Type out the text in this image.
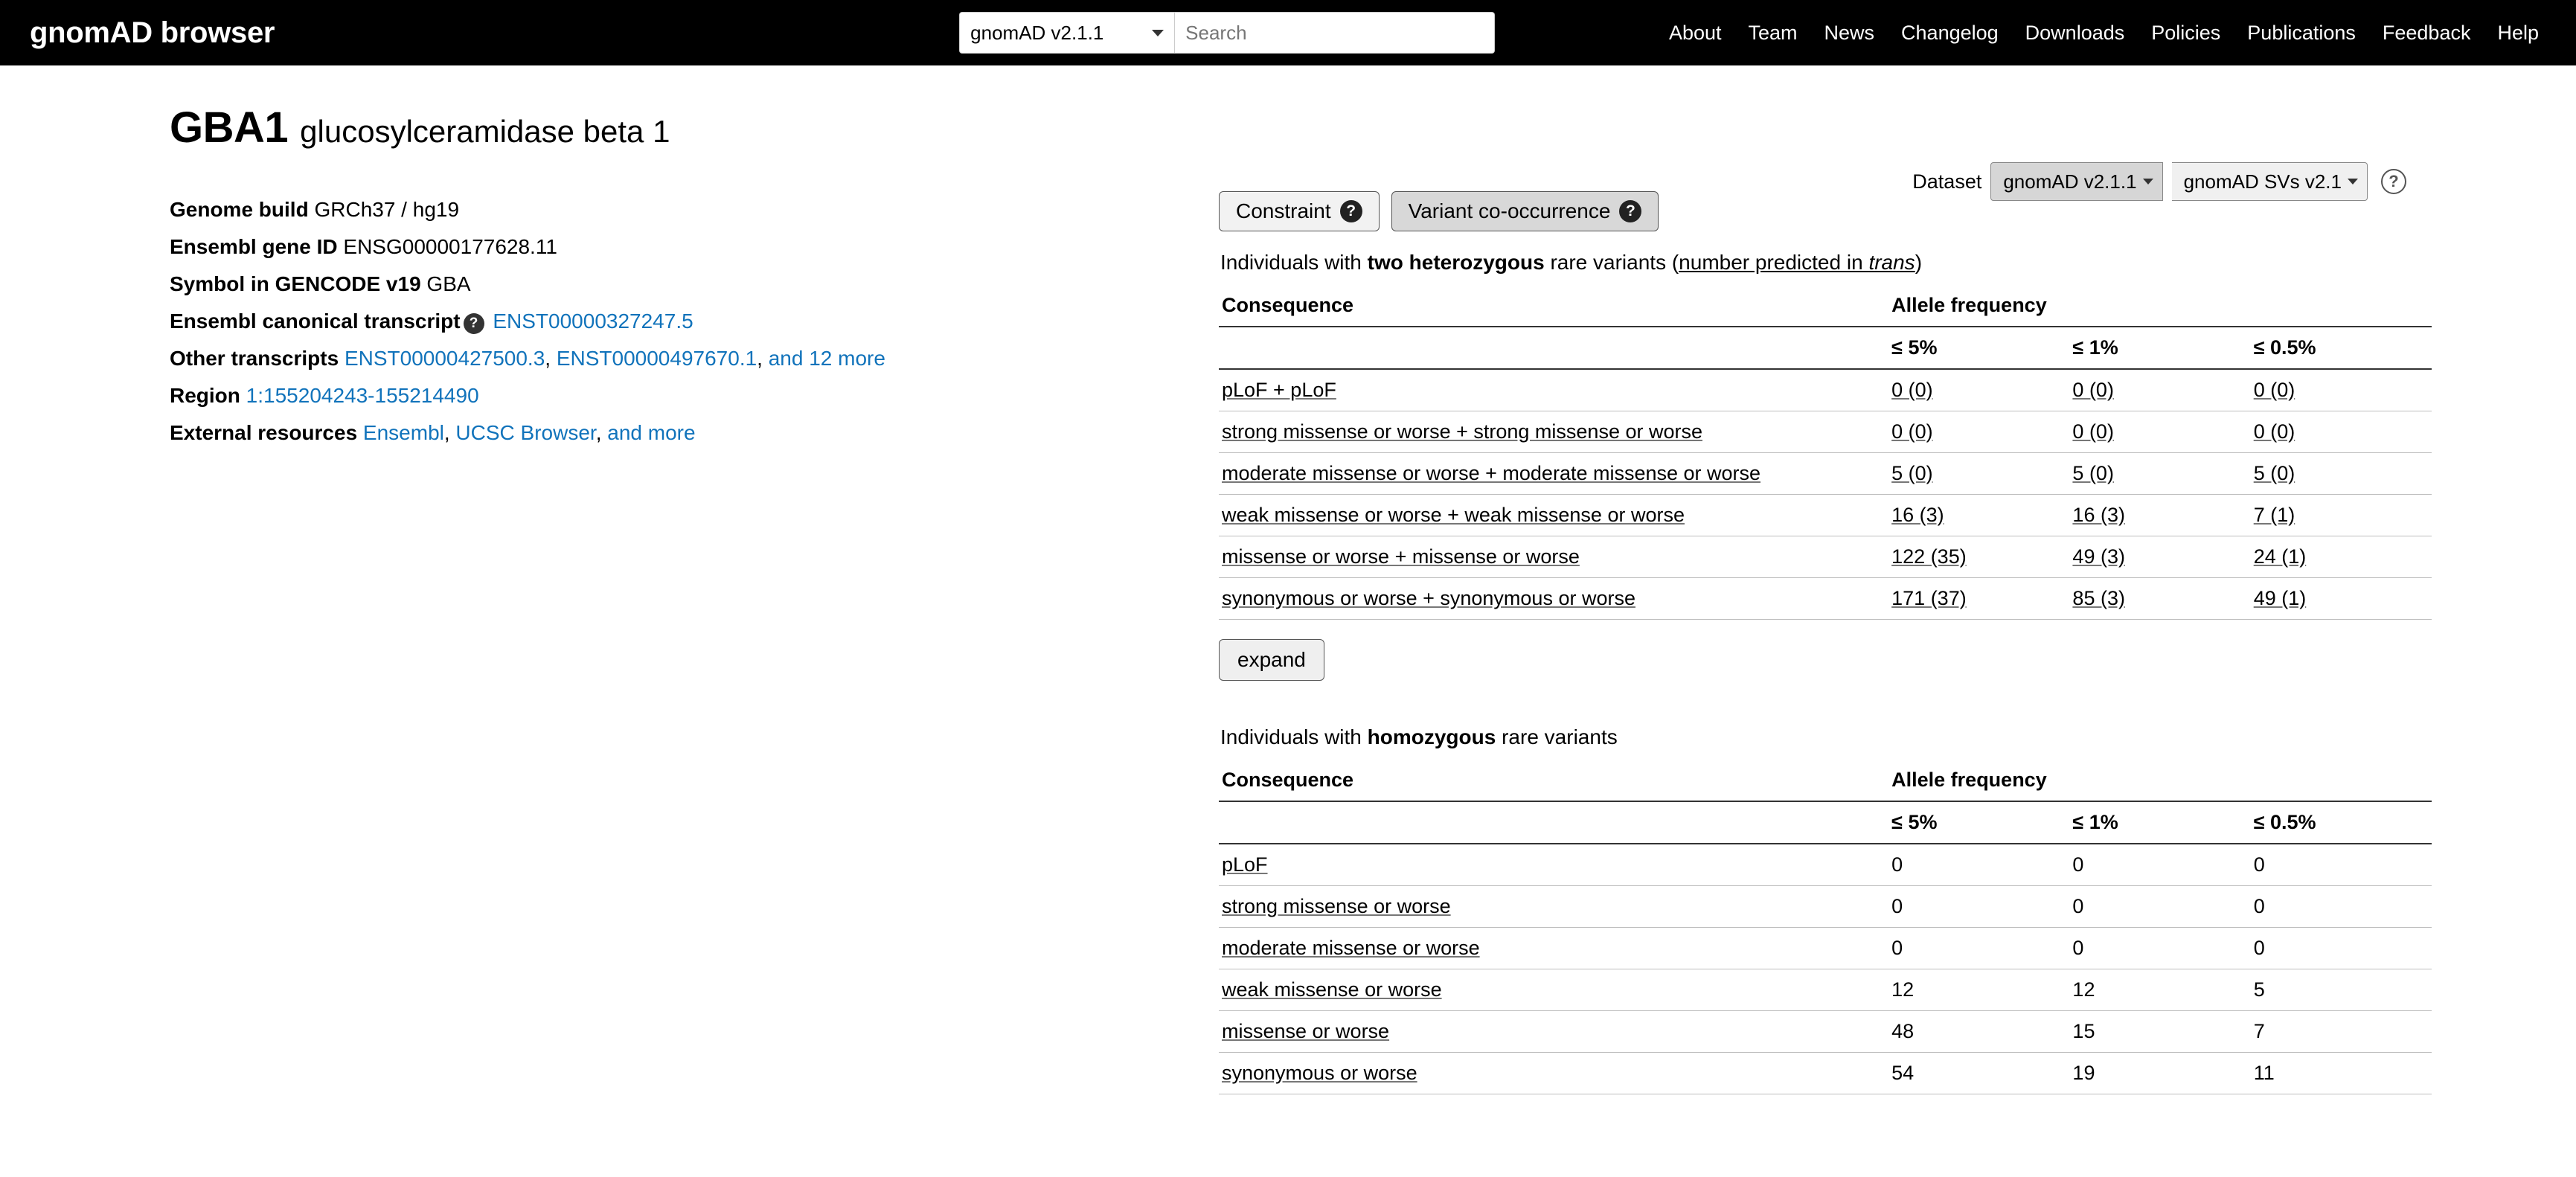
gnomAD browser	gnomAD v2.1.1
Search	About Team News Changelog Downloads Policies Publications Feedback Help
GBA1 glucosylceramidase beta 1
Dataset gnomAD v2.1.1 gnomAD SVs v2.1	?
Genome build GRCh37 / hg19
Ensembl gene ID ENSG00000177628.11
Symbol in GENCODE v19 GBA
Ensembl canonical transcript ? ENST00000327247.5
Other transcripts ENST00000427500.3, ENST00000497670.1, and 12 more
Region 1:155204243-155214490
External resources Ensembl, UCSC Browser, and more
Constraint ?	Variant co-occurrence ?
Individuals with two heterozygous rare variants (number predicted in trans)
Consequence	Allele frequency		
	≤ 5%	≤ 1%	≤ 0.5%
pLoF + pLoF	0 (0)	0 (0)	0 (0)
strong missense or worse + strong missense or worse	0 (0)	0 (0)	0 (0)
moderate missense or worse + moderate missense or worse	5 (0)	5 (0)	5 (0)
weak missense or worse + weak missense or worse	16 (3)	16 (3)	7 (1)
missense or worse + missense or worse	122 (35)	49 (3)	24 (1)
synonymous or worse + synonymous or worse	171 (37)	85 (3)	49 (1)
expand
Individuals with homozygous rare variants
Consequence	Allele frequency		
	≤ 5%	≤ 1%	≤ 0.5%
pLoF	0	0	0
strong missense or worse	0	0	0
moderate missense or worse	0	0	0
weak missense or worse	12	12	5
missense or worse	48	15	7
synonymous or worse	54	19	11
